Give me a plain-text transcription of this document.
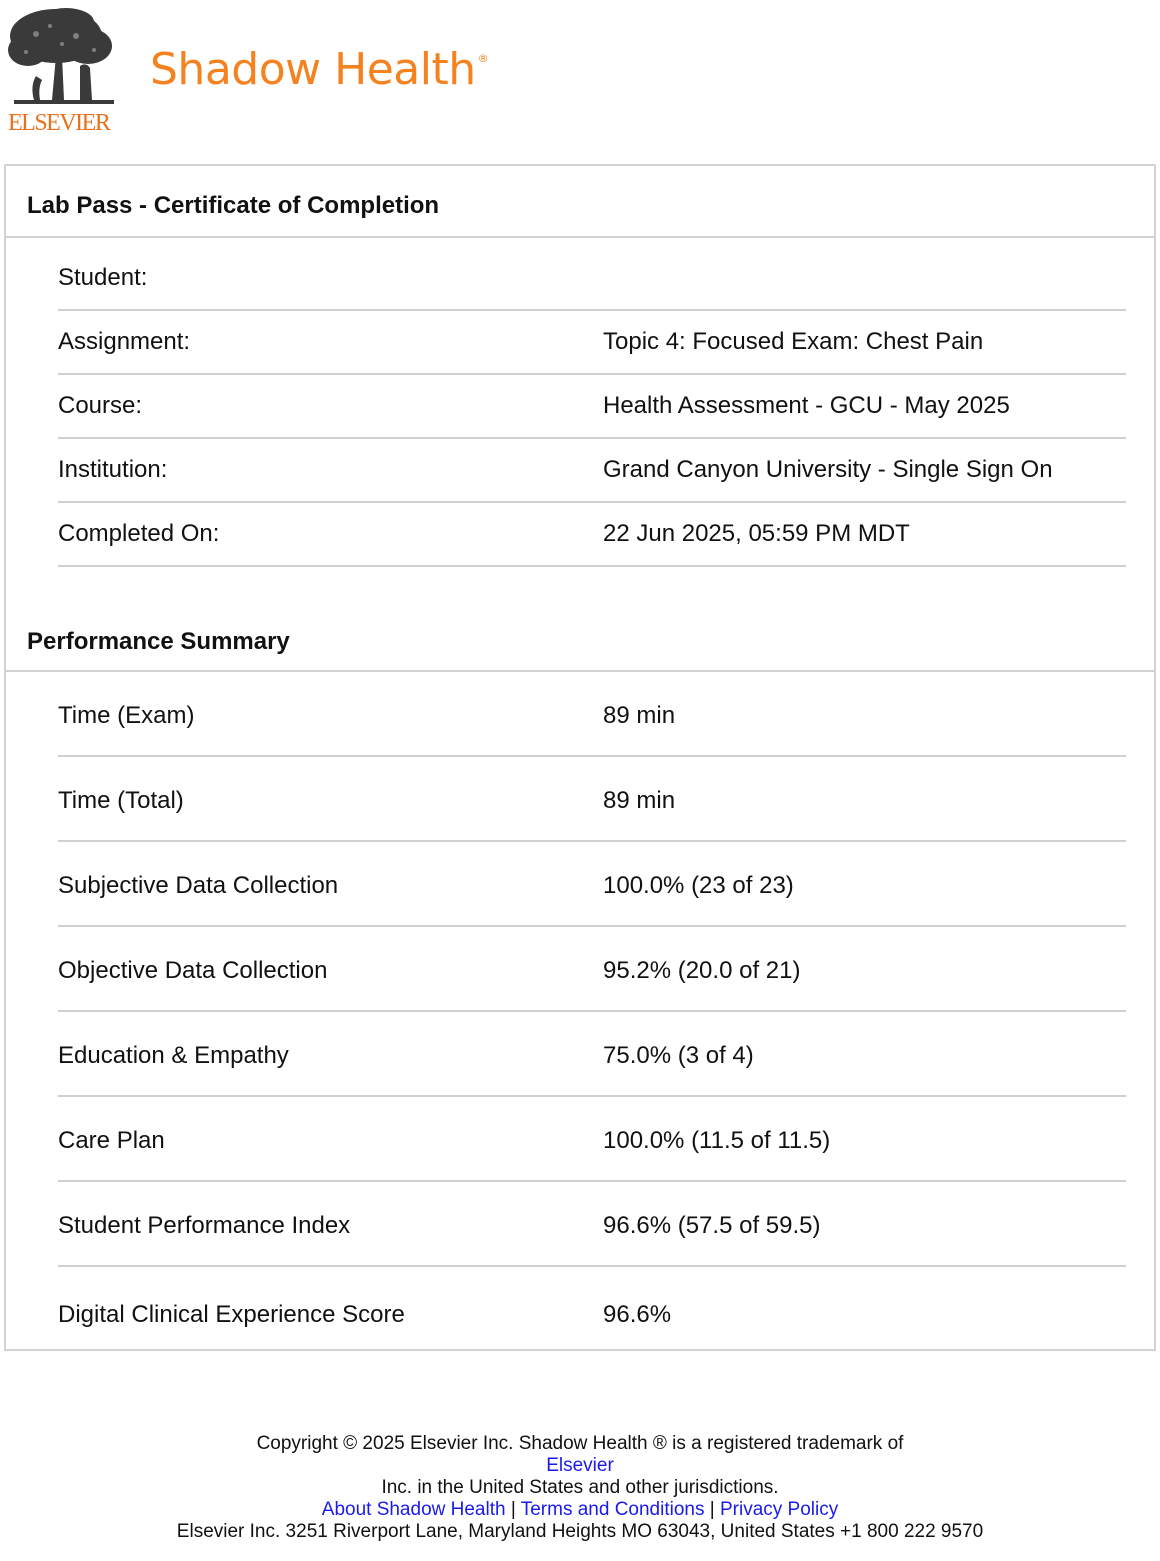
ELSEVIER
Shadow Health ®
Lab Pass - Certificate of Completion
Student:
Assignment:	Topic 4: Focused Exam: Chest Pain
Course:	Health Assessment - GCU - May 2025
Institution:	Grand Canyon University - Single Sign On
Completed On:	22 Jun 2025, 05:59 PM MDT
Performance Summary
Time (Exam)	89 min
Time (Total)	89 min
Subjective Data Collection	100.0% (23 of 23)
Objective Data Collection	95.2% (20.0 of 21)
Education & Empathy	75.0% (3 of 4)
Care Plan	100.0% (11.5 of 11.5)
Student Performance Index	96.6% (57.5 of 59.5)
Digital Clinical Experience Score	96.6%
Copyright © 2025 Elsevier Inc. Shadow Health ® is a registered trademark of
Elsevier
Inc. in the United States and other jurisdictions.
About Shadow Health | Terms and Conditions | Privacy Policy
Elsevier Inc. 3251 Riverport Lane, Maryland Heights MO 63043, United States +1 800 222 9570
